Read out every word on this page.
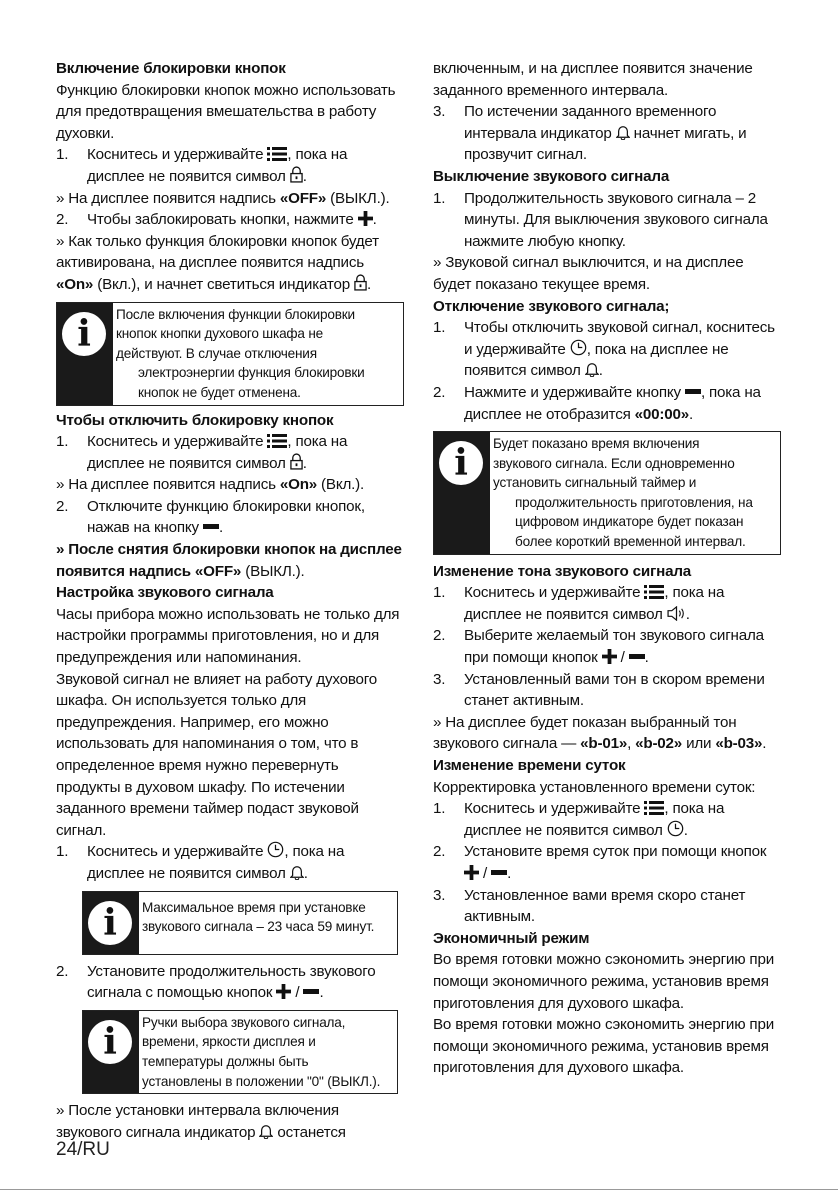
Включение блокировки кнопок

Функцию блокировки кнопок можно использовать для предотвращения вмешательства в работу духовки.

1.	Коснитесь и удерживайте , пока на дисплее не появится символ .

» На дисплее появится надпись «OFF» (ВЫКЛ.).

2.	Чтобы заблокировать кнопки, нажмите .

» Как только функция блокировки кнопок будет активирована, на дисплее появится надпись «On» (Вкл.), и начнет светиться индикатор .

i	После включения функции блокировки
кнопок кнопки духового шкафа не
действуют. В случае отключения
электроэнергии функция блокировки
кнопок не будет отменена.

Чтобы отключить блокировку кнопок

1.	Коснитесь и удерживайте , пока на дисплее не появится символ .

» На дисплее появится надпись «On» (Вкл.).

2.	Отключите функцию блокировки кнопок, нажав на кнопку .

» После снятия блокировки кнопок на дисплее появится надпись «OFF» (ВЫКЛ.).

Настройка звукового сигнала

Часы прибора можно использовать не только для настройки программы приготовления, но и для предупреждения или напоминания.

Звуковой сигнал не влияет на работу духового шкафа. Он используется только для предупреждения. Например, его можно использовать для напоминания о том, что в определенное время нужно перевернуть продукты в духовом шкафу. По истечении заданного времени таймер подаст звуковой сигнал.

1.	Коснитесь и удерживайте , пока на дисплее не появится символ .
i	Максимальное время при установке
звукового сигнала – 23 часа 59 минут.
2.	Установите продолжительность звукового сигнала с помощью кнопок  / .
i	Ручки выбора звукового сигнала,
времени, яркости дисплея и
температуры должны быть
установлены в положении "0" (ВЫКЛ.).

» После установки интервала включения звукового сигнала индикатор  останется

включенным, и на дисплее появится значение заданного временного интервала.

3.	По истечении заданного временного интервала индикатор  начнет мигать, и прозвучит сигнал.

Выключение звукового сигнала

1.	Продолжительность звукового сигнала – 2 минуты. Для выключения звукового сигнала нажмите любую кнопку.

» Звуковой сигнал выключится, и на дисплее будет показано текущее время.

Отключение звукового сигнала;

1.	Чтобы отключить звуковой сигнал, коснитесь и удерживайте , пока на дисплее не появится символ .
2.	Нажмите и удерживайте кнопку , пока на дисплее не отобразится «00:00».
i	Будет показано время включения
звукового сигнала. Если одновременно
установить сигнальный таймер и
продолжительность приготовления, на
цифровом индикаторе будет показан
более короткий временной интервал.

Изменение тона звукового сигнала

1.	Коснитесь и удерживайте , пока на дисплее не появится символ .
2.	Выберите желаемый тон звукового сигнала при помощи кнопок  / .
3.	Установленный вами тон в скором времени станет активным.

» На дисплее будет показан выбранный тон звукового сигнала — «b-01», «b-02» или «b-03».

Изменение времени суток

Корректировка установленного времени суток:

1.	Коснитесь и удерживайте , пока на дисплее не появится символ .
2.	Установите время суток при помощи кнопок  / .
3.	Установленное вами время скоро станет активным.

Экономичный режим

Во время готовки можно сэкономить энергию при помощи экономичного режима, установив время приготовления для духового шкафа.

Во время готовки можно сэкономить энергию при помощи экономичного режима, установив время приготовления для духового шкафа.

24/RU
